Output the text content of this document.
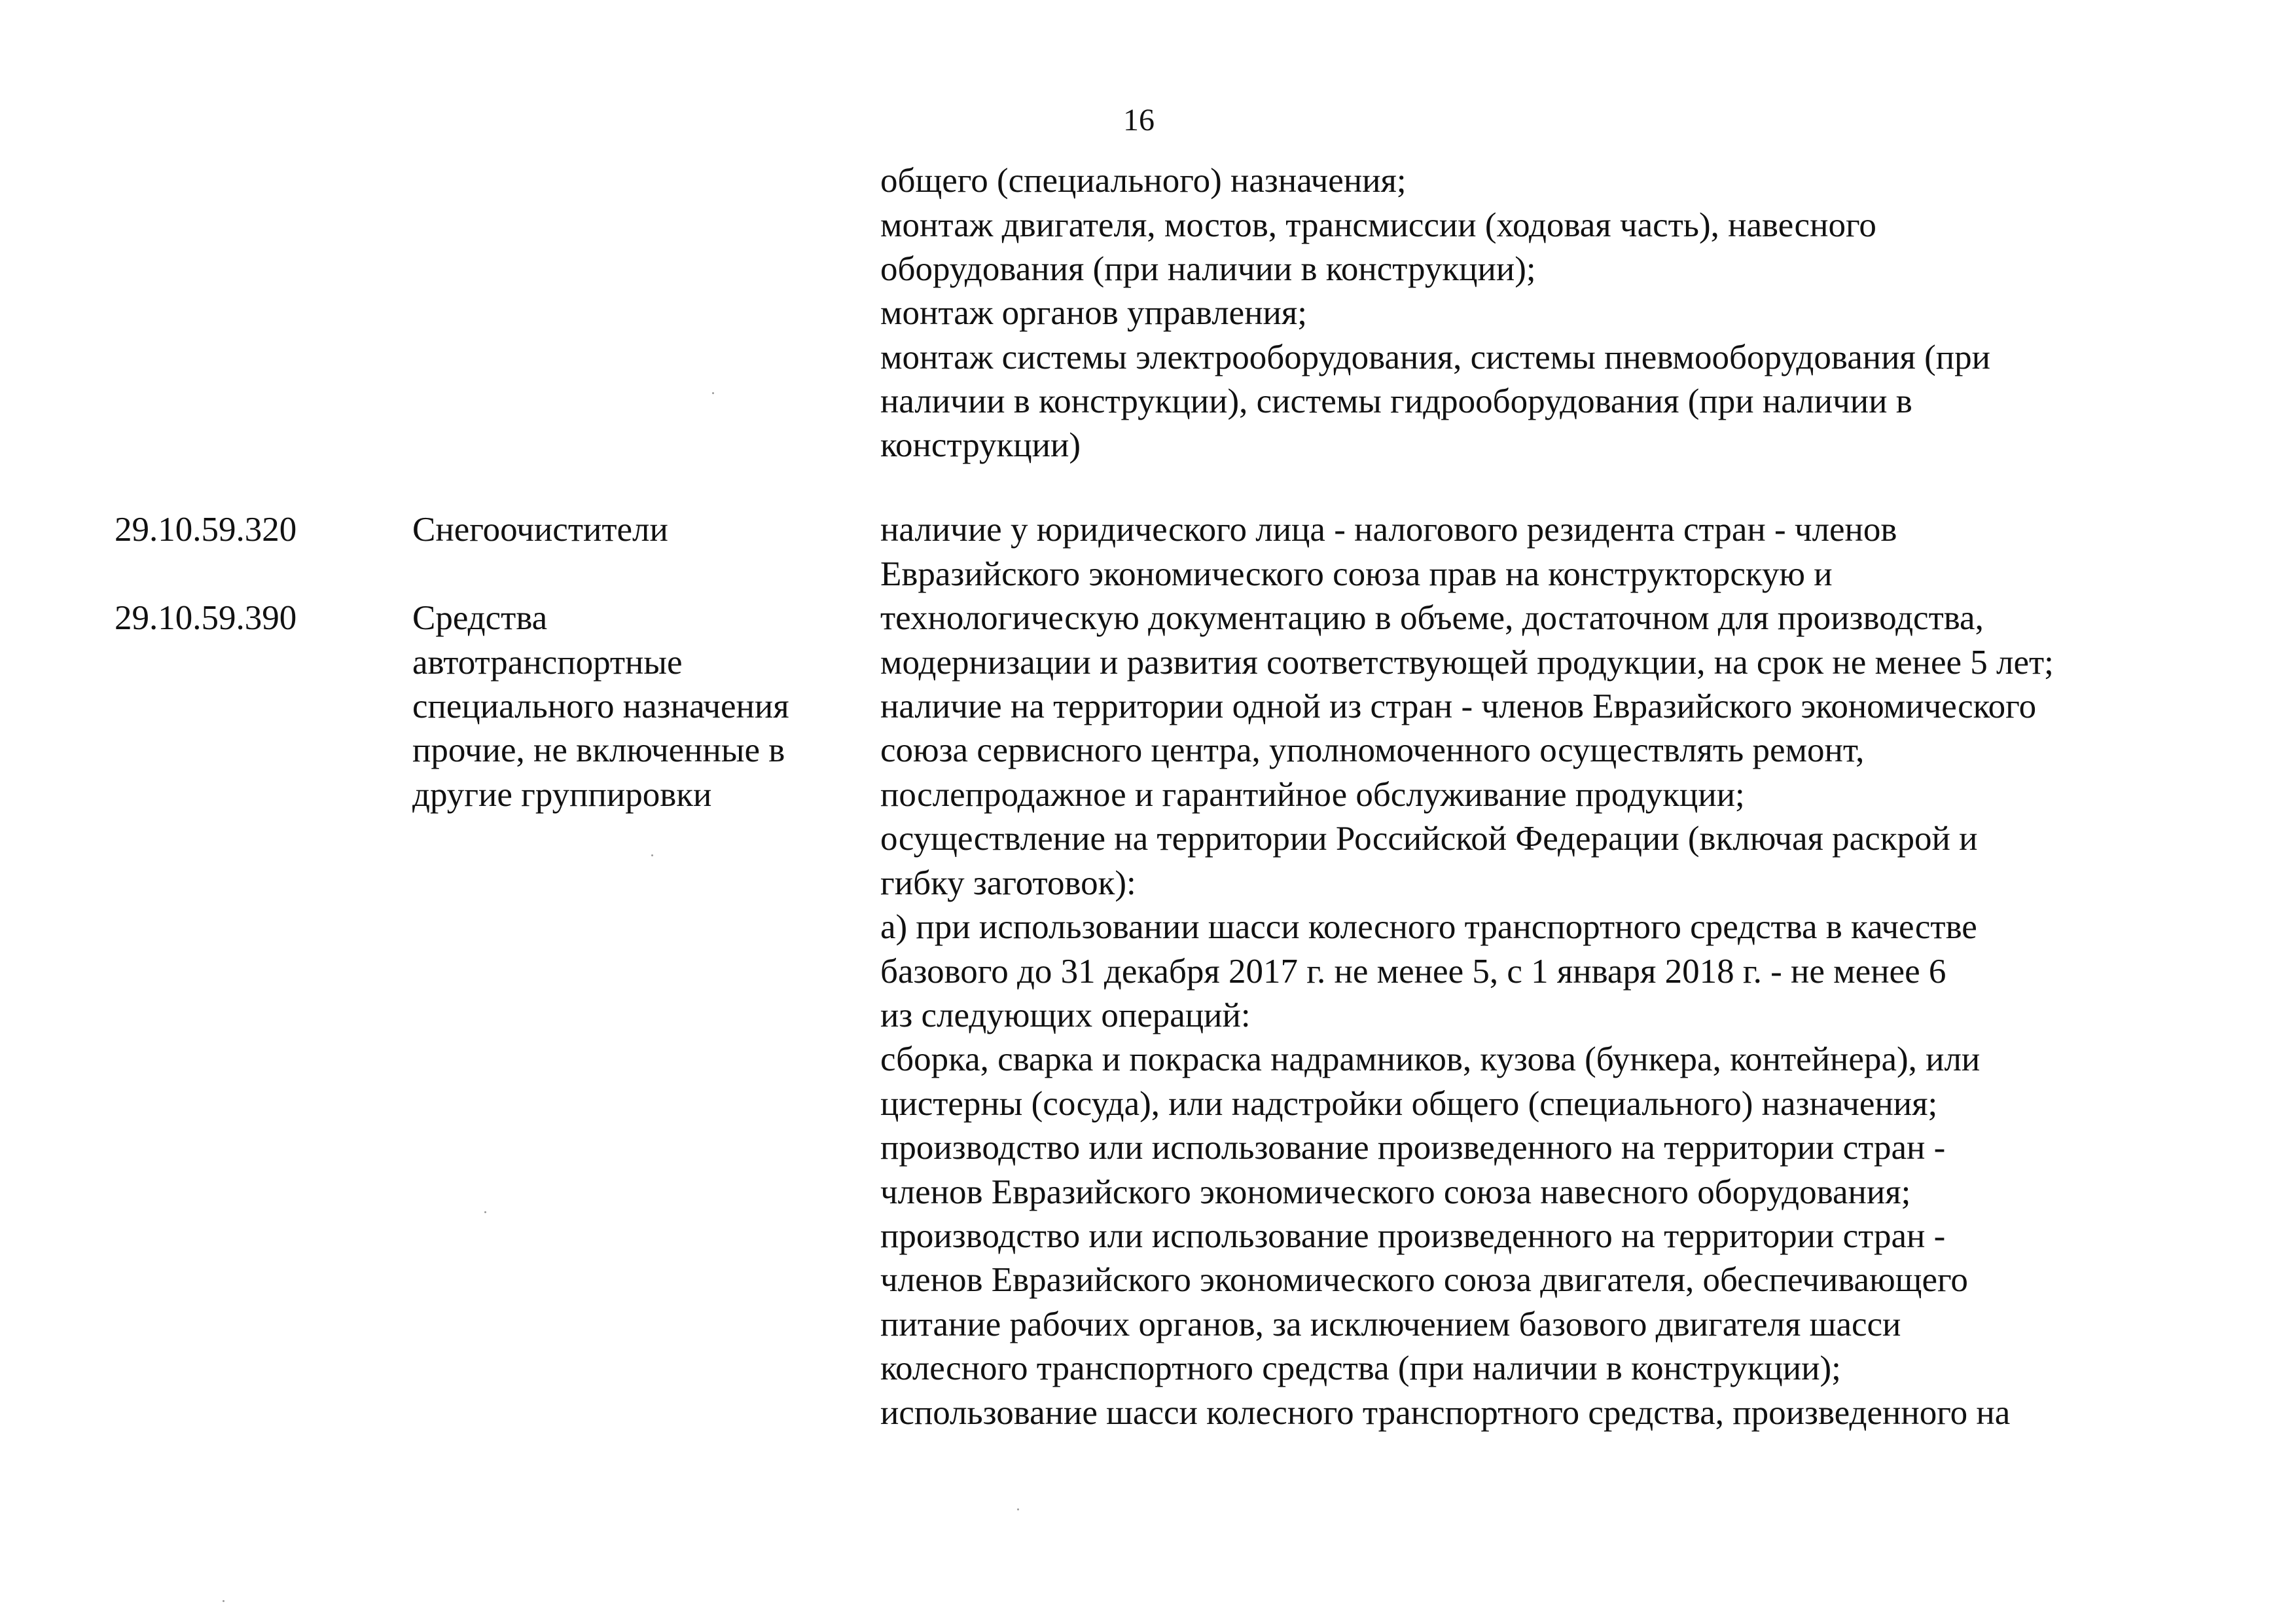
16
общего (специального) назначения;
монтаж двигателя, мостов, трансмиссии (ходовая часть), навесного
оборудования (при наличии в конструкции);
монтаж органов управления;
монтаж системы электрооборудования, системы пневмооборудования (при
наличии в конструкции), системы гидрооборудования (при наличии в
конструкции)
29.10.59.320	Снегоочистители
29.10.59.390	Средства
автотранспортные
специального назначения
прочие, не включенные в
другие группировки
наличие у юридического лица - налогового резидента стран - членов
Евразийского экономического союза прав на конструкторскую и
технологическую документацию в объеме, достаточном для производства,
модернизации и развития соответствующей продукции, на срок не менее 5 лет;
наличие на территории одной из стран - членов Евразийского экономического
союза сервисного центра, уполномоченного осуществлять ремонт,
послепродажное и гарантийное обслуживание продукции;
осуществление на территории Российской Федерации (включая раскрой и
гибку заготовок):
а) при использовании шасси колесного транспортного средства в качестве
базового до 31 декабря 2017 г. не менее 5, с 1 января 2018 г. - не менее 6
из следующих операций:
сборка, сварка и покраска надрамников, кузова (бункера, контейнера), или
цистерны (сосуда), или надстройки общего (специального) назначения;
производство или использование произведенного на территории стран -
членов Евразийского экономического союза навесного оборудования;
производство или использование произведенного на территории стран -
членов Евразийского экономического союза двигателя, обеспечивающего
питание рабочих органов, за исключением базового двигателя шасси
колесного транспортного средства (при наличии в конструкции);
использование шасси колесного транспортного средства, произведенного на
